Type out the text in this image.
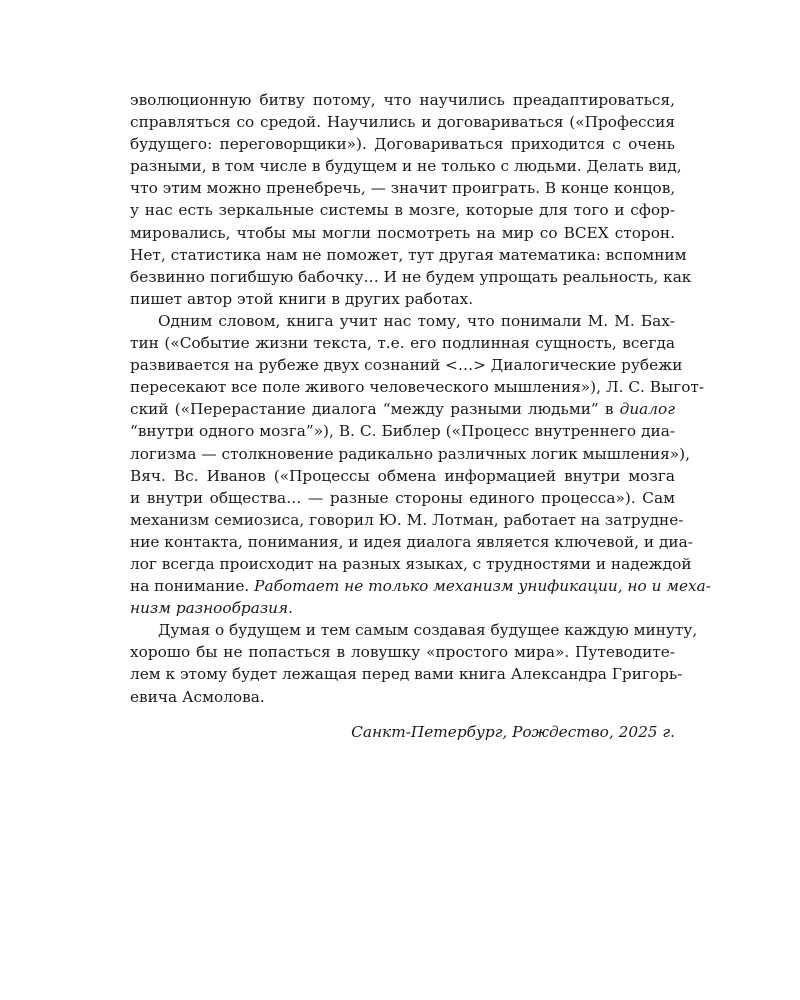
эволюционную битву потому, что научились преадаптироваться,
справляться со средой. Научились и договариваться («Профессия
будущего: переговорщики»). Договариваться приходится с очень
разными, в том числе в будущем и не только с людьми. Делать вид,
что этим можно пренебречь, — значит проиграть. В конце концов,
у нас есть зеркальные системы в мозге, которые для того и сфор-
мировались, чтобы мы могли посмотреть на мир со ВСЕХ сторон.
Нет, статистика нам не поможет, тут другая математика: вспомним
безвинно погибшую бабочку… И не будем упрощать реальность, как
пишет автор этой книги в других работах.
Одним словом, книга учит нас тому, что понимали М. М. Бах-
тин («Событие жизни текста, т.е. его подлинная сущность, всегда
развивается на рубеже двух сознаний <…> Диалогические рубежи
пересекают все поле живого человеческого мышления»), Л. С. Выгот-
ский («Перерастание диалога “между разными людьми” в диалог
“внутри одного мозга”»), В. С. Библер («Процесс внутреннего диа-
логизма — столкновение радикально различных логик мышления»),
Вяч. Вс. Иванов («Процессы обмена информацией внутри мозга
и внутри общества… — разные стороны единого процесса»). Сам
механизм семиозиса, говорил Ю. М. Лотман, работает на затрудне-
ние контакта, понимания, и идея диалога является ключевой, и диа-
лог всегда происходит на разных языках, с трудностями и надеждой
на понимание. Работает не только механизм унификации, но и меха-
низм разнообразия.
Думая о будущем и тем самым создавая будущее каждую минуту,
хорошо бы не попасться в ловушку «простого мира». Путеводите-
лем к этому будет лежащая перед вами книга Александра Григорь-
евича Асмолова.
Санкт-Петербург, Рождество, 2025 г.
